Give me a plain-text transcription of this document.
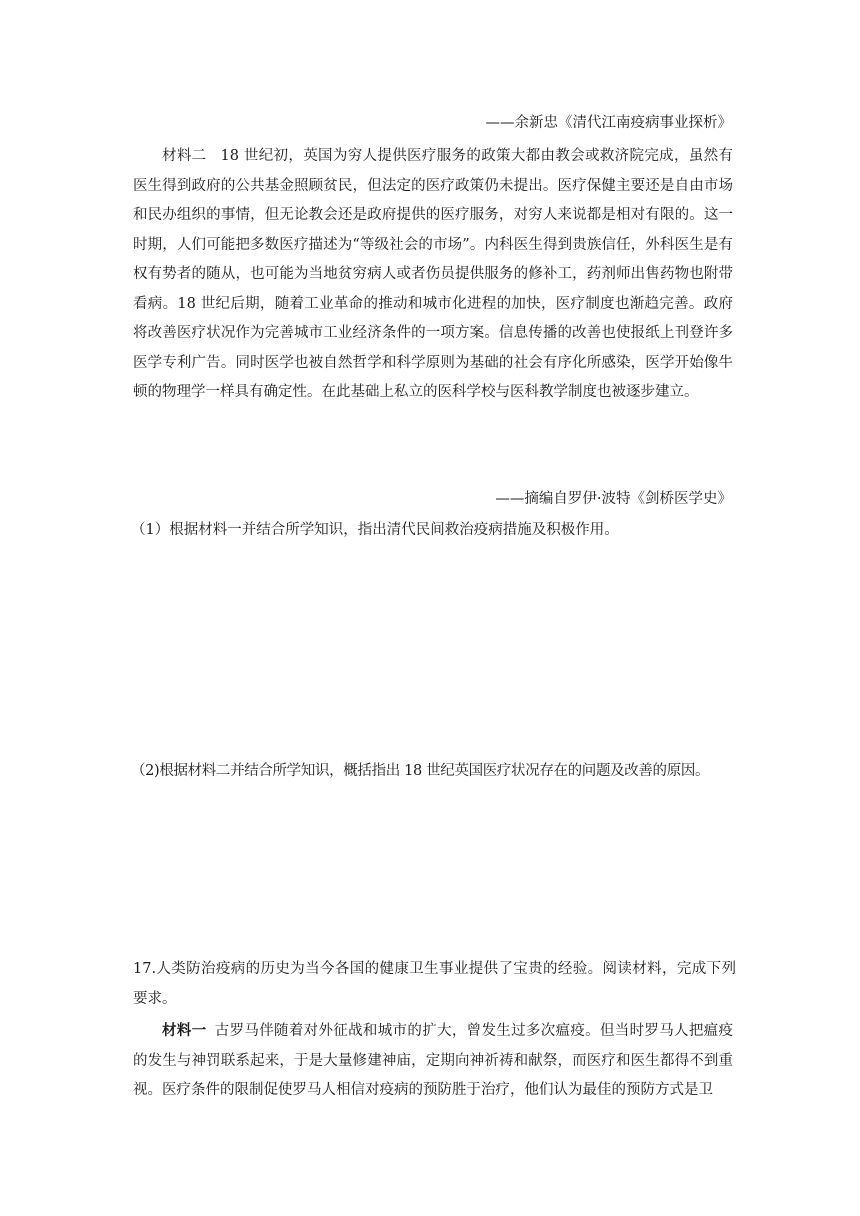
——余新忠《清代江南疫病事业探析》

材料二 18 世纪初，英国为穷人提供医疗服务的政策大都由教会或救济院完成，虽然有医生得到政府的公共基金照顾贫民，但法定的医疗政策仍未提出。医疗保健主要还是自由市场和民办组织的事情，但无论教会还是政府提供的医疗服务，对穷人来说都是相对有限的。这一时期，人们可能把多数医疗描述为“等级社会的市场”。内科医生得到贵族信任，外科医生是有权有势者的随从，也可能为当地贫穷病人或者伤员提供服务的修补工，药剂师出售药物也附带看病。18 世纪后期，随着工业革命的推动和城市化进程的加快，医疗制度也渐趋完善。政府将改善医疗状况作为完善城市工业经济条件的一项方案。信息传播的改善也使报纸上刊登许多医学专利广告。同时医学也被自然哲学和科学原则为基础的社会有序化所感染，医学开始像牛顿的物理学一样具有确定性。在此基础上私立的医科学校与医科教学制度也被逐步建立。

——摘编自罗伊·波特《剑桥医学史》
（1）根据材料一并结合所学知识，指出清代民间救治疫病措施及积极作用。
（2)根据材料二并结合所学知识，概括指出 18 世纪英国医疗状况存在的问题及改善的原因。

17.人类防治疫病的历史为当今各国的健康卫生事业提供了宝贵的经验。阅读材料，完成下列要求。

材料一 古罗马伴随着对外征战和城市的扩大，曾发生过多次瘟疫。但当时罗马人把瘟疫的发生与神罚联系起来，于是大量修建神庙，定期向神祈祷和献祭，而医疗和医生都得不到重视。医疗条件的限制促使罗马人相信对疫病的预防胜于治疗，他们认为最佳的预防方式是卫
